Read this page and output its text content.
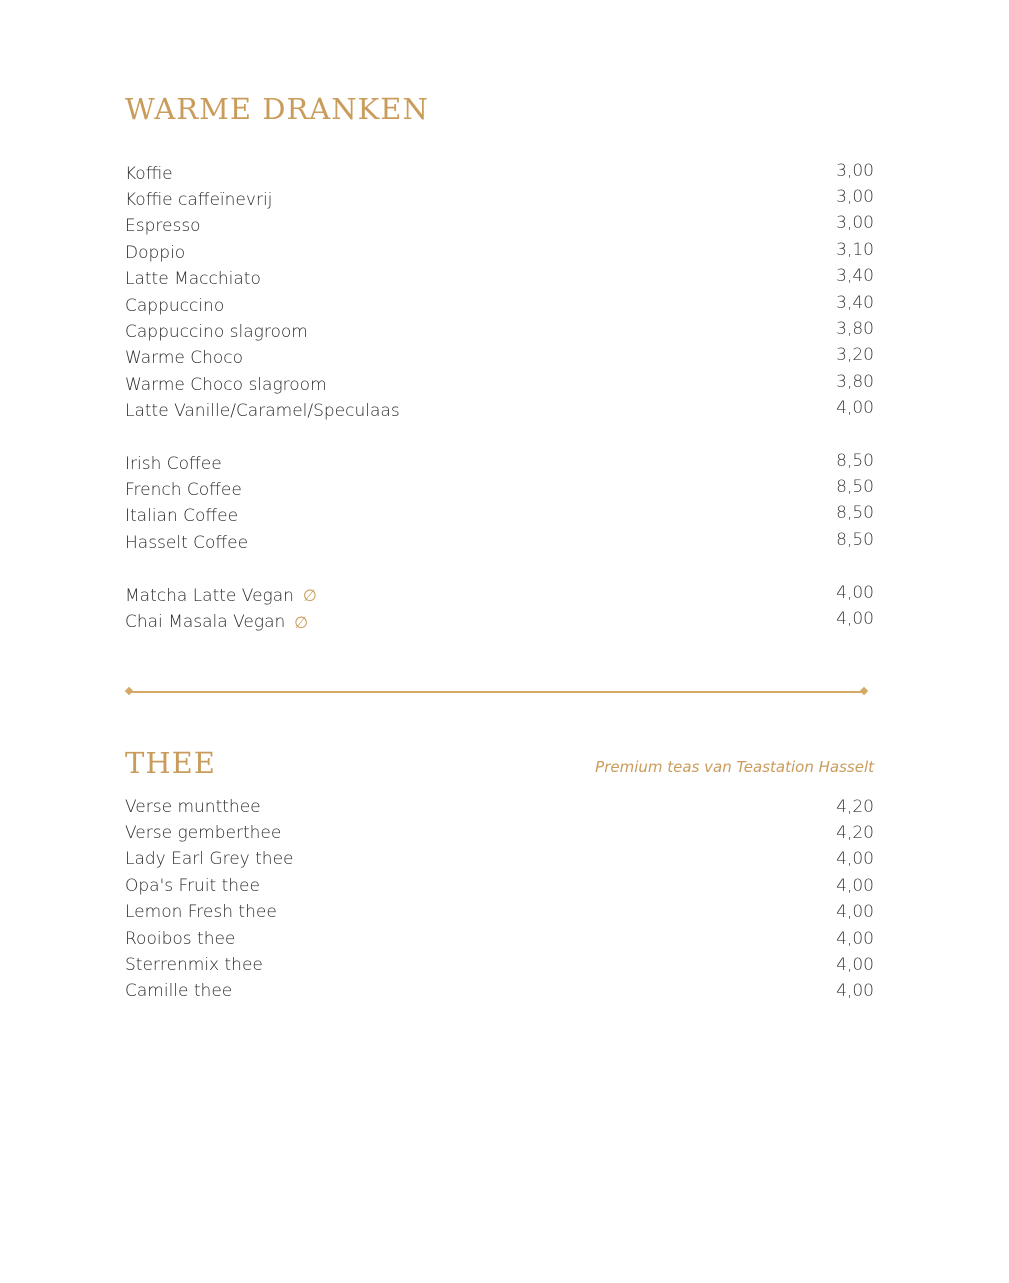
WARME DRANKEN
Koffie	3,00
Koffie caffeïnevrij	3,00
Espresso	3,00
Doppio	3,10
Latte Macchiato	3,40
Cappuccino	3,40
Cappuccino slagroom	3,80
Warme Choco	3,20
Warme Choco slagroom	3,80
Latte Vanille/Caramel/Speculaas	4,00
Irish Coffee	8,50
French Coffee	8,50
Italian Coffee	8,50
Hasselt Coffee	8,50
Matcha Latte Vegan ∅	4,00
Chai Masala Vegan ∅	4,00
THEE	Premium teas van Teastation Hasselt
Verse muntthee	4,20
Verse gemberthee	4,20
Lady Earl Grey thee	4,00
Opa's Fruit thee	4,00
Lemon Fresh thee	4,00
Rooibos thee	4,00
Sterrenmix thee	4,00
Camille thee	4,00
